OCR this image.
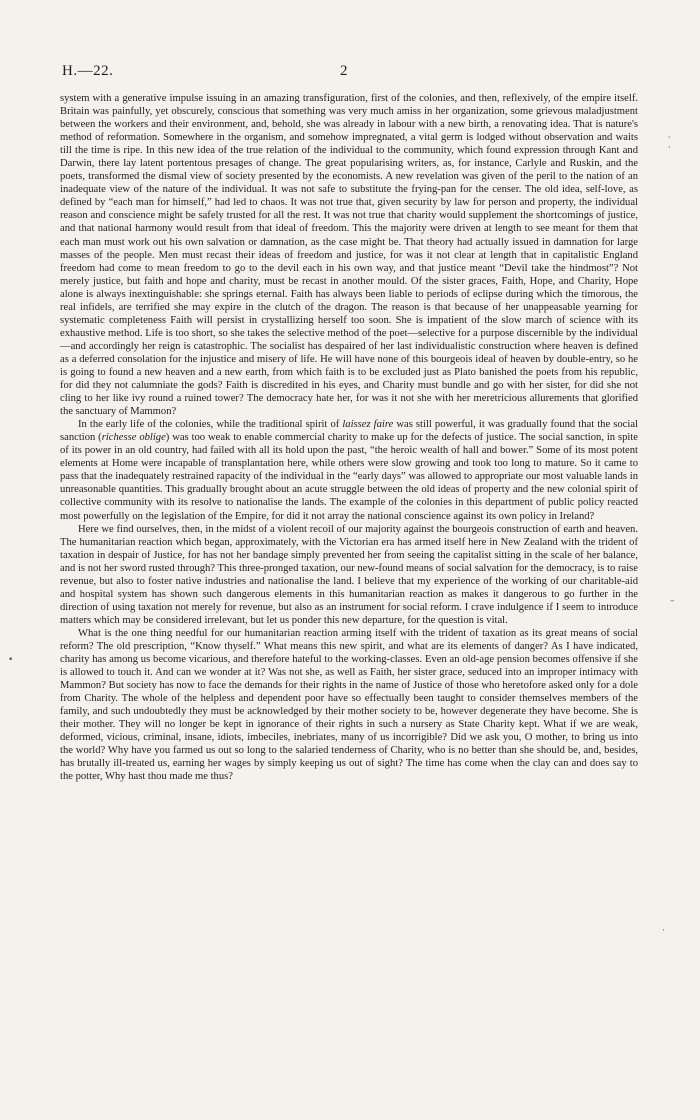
H.—22.	2

system with a generative impulse issuing in an amazing transfiguration, first of the colonies, and then, reflexively, of the empire itself. Britain was painfully, yet obscurely, conscious that something was very much amiss in her organization, some grievous maladjustment between the workers and their environment, and, behold, she was already in labour with a new birth, a renovating idea. That is nature's method of reformation. Somewhere in the organism, and somehow impregnated, a vital germ is lodged without observation and waits till the time is ripe. In this new idea of the true relation of the individual to the community, which found expression through Kant and Darwin, there lay latent portentous presages of change. The great popularising writers, as, for instance, Carlyle and Ruskin, and the poets, transformed the dismal view of society presented by the economists. A new revelation was given of the peril to the nation of an inadequate view of the nature of the individual. It was not safe to substitute the frying-pan for the censer. The old idea, self-love, as defined by “each man for himself,” had led to chaos. It was not true that, given security by law for person and property, the individual reason and conscience might be safely trusted for all the rest. It was not true that charity would supplement the shortcomings of justice, and that national harmony would result from that ideal of freedom. This the majority were driven at length to see meant for them that each man must work out his own salvation or damnation, as the case might be. That theory had actually issued in damnation for large masses of the people. Men must recast their ideas of freedom and justice, for was it not clear at length that in capitalistic England freedom had come to mean freedom to go to the devil each in his own way, and that justice meant “Devil take the hindmost”? Not merely justice, but faith and hope and charity, must be recast in another mould. Of the sister graces, Faith, Hope, and Charity, Hope alone is always inextinguishable: she springs eternal. Faith has always been liable to periods of eclipse during which the timorous, the real infidels, are terrified she may expire in the clutch of the dragon. The reason is that because of her unappeasable yearning for systematic completeness Faith will persist in crystallizing herself too soon. She is impatient of the slow march of science with its exhaustive method. Life is too short, so she takes the selective method of the poet—selective for a purpose discernible by the individual—and accordingly her reign is catastrophic. The socialist has despaired of her last individualistic construction where heaven is defined as a deferred consolation for the injustice and misery of life. He will have none of this bourgeois ideal of heaven by double-entry, so he is going to found a new heaven and a new earth, from which faith is to be excluded just as Plato banished the poets from his republic, for did they not calumniate the gods? Faith is discredited in his eyes, and Charity must bundle and go with her sister, for did she not cling to her like ivy round a ruined tower? The democracy hate her, for was it not she with her meretricious allurements that glorified the sanctuary of Mammon?

In the early life of the colonies, while the traditional spirit of laissez faire was still powerful, it was gradually found that the social sanction (richesse oblige) was too weak to enable commercial charity to make up for the defects of justice. The social sanction, in spite of its power in an old country, had failed with all its hold upon the past, “the heroic wealth of hall and bower.” Some of its most potent elements at Home were incapable of transplantation here, while others were slow growing and took too long to mature. So it came to pass that the inadequately restrained rapacity of the individual in the “early days” was allowed to appropriate our most valuable lands in unreasonable quantities. This gradually brought about an acute struggle between the old ideas of property and the new colonial spirit of collective community with its resolve to nationalise the lands. The example of the colonies in this department of public policy reacted most powerfully on the legislation of the Empire, for did it not array the national conscience against its own policy in Ireland?

Here we find ourselves, then, in the midst of a violent recoil of our majority against the bourgeois construction of earth and heaven. The humanitarian reaction which began, approximately, with the Victorian era has armed itself here in New Zealand with the trident of taxation in despair of Justice, for has not her bandage simply prevented her from seeing the capitalist sitting in the scale of her balance, and is not her sword rusted through? This three-pronged taxation, our new-found means of social salvation for the democracy, is to raise revenue, but also to foster native industries and nationalise the land. I believe that my experience of the working of our charitable-aid and hospital system has shown such dangerous elements in this humanitarian reaction as makes it dangerous to go further in the direction of using taxation not merely for revenue, but also as an instrument for social reform. I crave indulgence if I seem to introduce matters which may be considered irrelevant, but let us ponder this new departure, for the question is vital.

What is the one thing needful for our humanitarian reaction arming itself with the trident of taxation as its great means of social reform? The old prescription, “Know thyself.” What means this new spirit, and what are its elements of danger? As I have indicated, charity has among us become vicarious, and therefore hateful to the working-classes. Even an old-age pension becomes offensive if she is allowed to touch it. And can we wonder at it? Was not she, as well as Faith, her sister grace, seduced into an improper intimacy with Mammon? But society has now to face the demands for their rights in the name of Justice of those who heretofore asked only for a dole from Charity. The whole of the helpless and dependent poor have so effectually been taught to consider themselves members of the family, and such undoubtedly they must be acknowledged by their mother society to be, however degenerate they have become. She is their mother. They will no longer be kept in ignorance of their rights in such a nursery as State Charity kept. What if we are weak, deformed, vicious, criminal, insane, idiots, imbeciles, inebriates, many of us incorrigible? Did we ask you, O mother, to bring us into the world? Why have you farmed us out so long to the salaried tenderness of Charity, who is no better than she should be, and, besides, has brutally ill-treated us, earning her wages by simply keeping us out of sight? The time has come when the clay can and does say to the potter, Why hast thou made me thus?

⸱
·
–
·
•
